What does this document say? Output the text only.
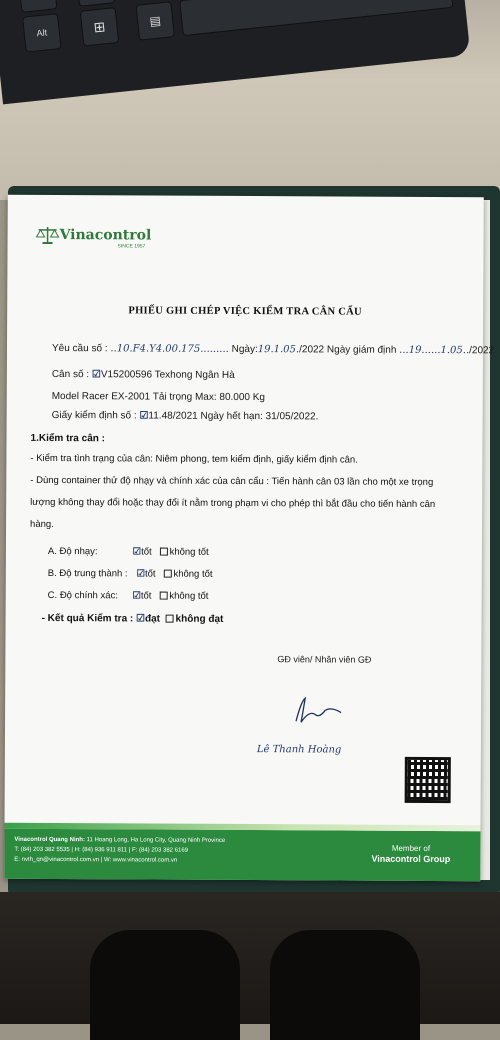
Alt	⊞	▤
Vinacontrol
SINCE 1957
PHIẾU GHI CHÉP VIỆC KIỂM TRA CÂN CẨU
Yêu cầu số : ..10.F4.Y4.00.175......... Ngày:19.1.05./2022 Ngày giám định ...19......1.05../2022
Cân số : ☑V15200596 Texhong Ngân Hà
Model Racer EX-2001 Tải trọng Max: 80.000 Kg
Giấy kiểm định số : ☑11.48/2021 Ngày hết hạn: 31/05/2022.
1.Kiểm tra cân :
- Kiểm tra tình trạng của cân: Niêm phong, tem kiểm định, giấy kiểm định cân.
- Dùng container thử độ nhạy và chính xác của cân cẩu : Tiến hành cân 03 lần cho một xe trọng
lượng không thay đổi hoặc thay đổi ít nằm trong phạm vi cho phép thì bắt đầu cho tiến hành cân
hàng.
A. Độ nhạy:	☑tốt không tốt
B. Độ trung thành : ☑tốt không tốt
C. Độ chính xác: ☑tốt không tốt
- Kết quả Kiểm tra : ☑đạt không đạt
GĐ viên/ Nhân viên GĐ
Lê Thanh Hoàng
Vinacontrol Quang Ninh: 11 Hoang Long, Ha Long City, Quang Ninh Province
T: (84) 203 382 5535 | H: (84) 936 911 811 | F: (84) 203 382 6169
E: nvth_qn@vinacontrol.com.vn | W: www.vinacontrol.com.vn
Member of
Vinacontrol Group
